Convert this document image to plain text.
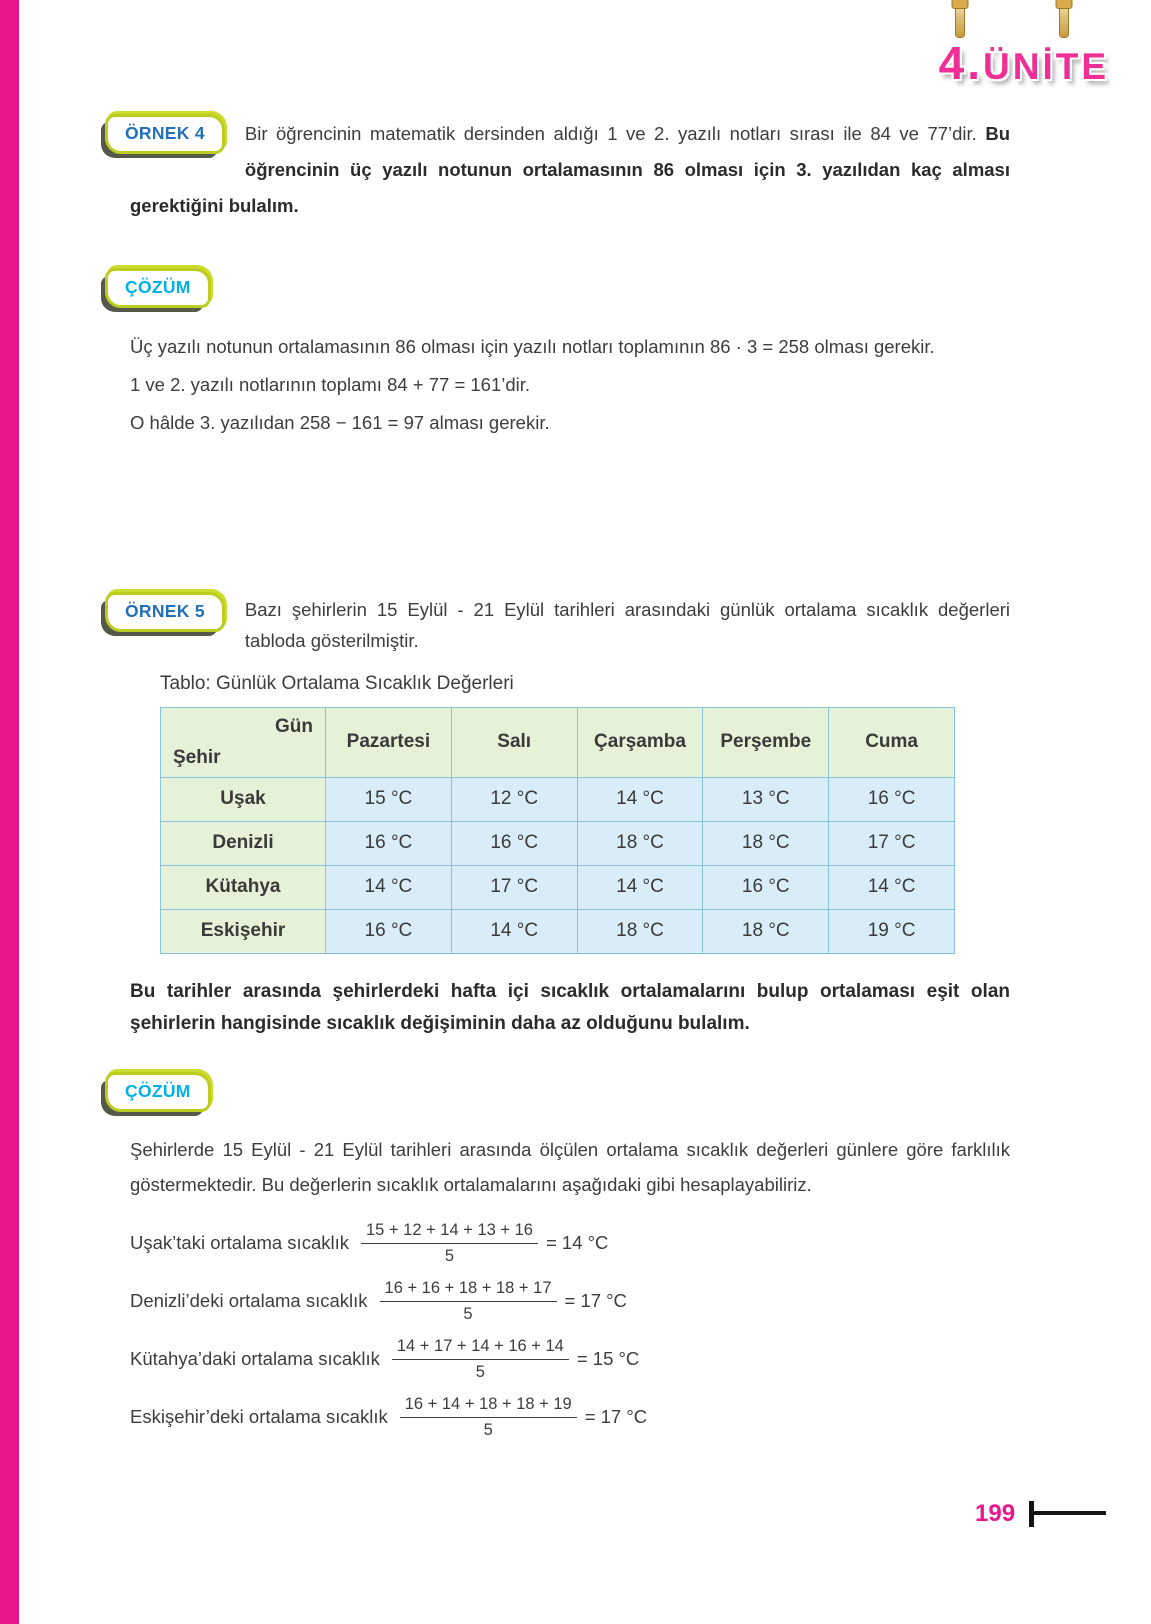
4.ÜNİTE
ÖRNEK 4	Bir öğrencinin matematik dersinden aldığı 1 ve 2. yazılı notları sırası ile 84 ve 77’dir. Bu öğrencinin üç yazılı notunun ortalamasının 86 olması için 3. yazılıdan kaç alması gerektiğini bulalım.

ÇÖZÜM
Üç yazılı notunun ortalamasının 86 olması için yazılı notları toplamının 86 · 3 = 258 olması gerekir.
1 ve 2. yazılı notlarının toplamı 84 + 77 = 161’dir.
O hâlde 3. yazılıdan 258 − 161 = 97 alması gerekir.
ÖRNEK 5	Bazı şehirlerin 15 Eylül - 21 Eylül tarihleri arasındaki günlük ortalama sıcaklık değerleri tabloda gösterilmiştir.

Tablo: Günlük Ortalama Sıcaklık Değerleri
Gün
Şehir	Pazartesi	Salı	Çarşamba	Perşembe	Cuma
Uşak	15 °C	12 °C	14 °C	13 °C	16 °C
Denizli	16 °C	16 °C	18 °C	18 °C	17 °C
Kütahya	14 °C	17 °C	14 °C	16 °C	14 °C
Eskişehir	16 °C	14 °C	18 °C	18 °C	19 °C

Bu tarihler arasında şehirlerdeki hafta içi sıcaklık ortalamalarını bulup ortalaması eşit olan şehirlerin hangisinde sıcaklık değişiminin daha az olduğunu bulalım.

ÇÖZÜM

Şehirlerde 15 Eylül - 21 Eylül tarihleri arasında ölçülen ortalama sıcaklık değerleri günlere göre farklılık göstermektedir. Bu değerlerin sıcaklık ortalamalarını aşağıdaki gibi hesaplayabiliriz.

Uşak’taki ortalama sıcaklık $\frac{15 + 12 + 14 + 13 + 16}{5} = 14$ °C
Denizli’deki ortalama sıcaklık $\frac{16 + 16 + 18 + 18 + 17}{5} = 17$ °C
Kütahya’daki ortalama sıcaklık $\frac{14 + 17 + 14 + 16 + 14}{5} = 15$ °C
Eskişehir’deki ortalama sıcaklık $\frac{16 + 14 + 18 + 18 + 19}{5} = 17$ °C
199
